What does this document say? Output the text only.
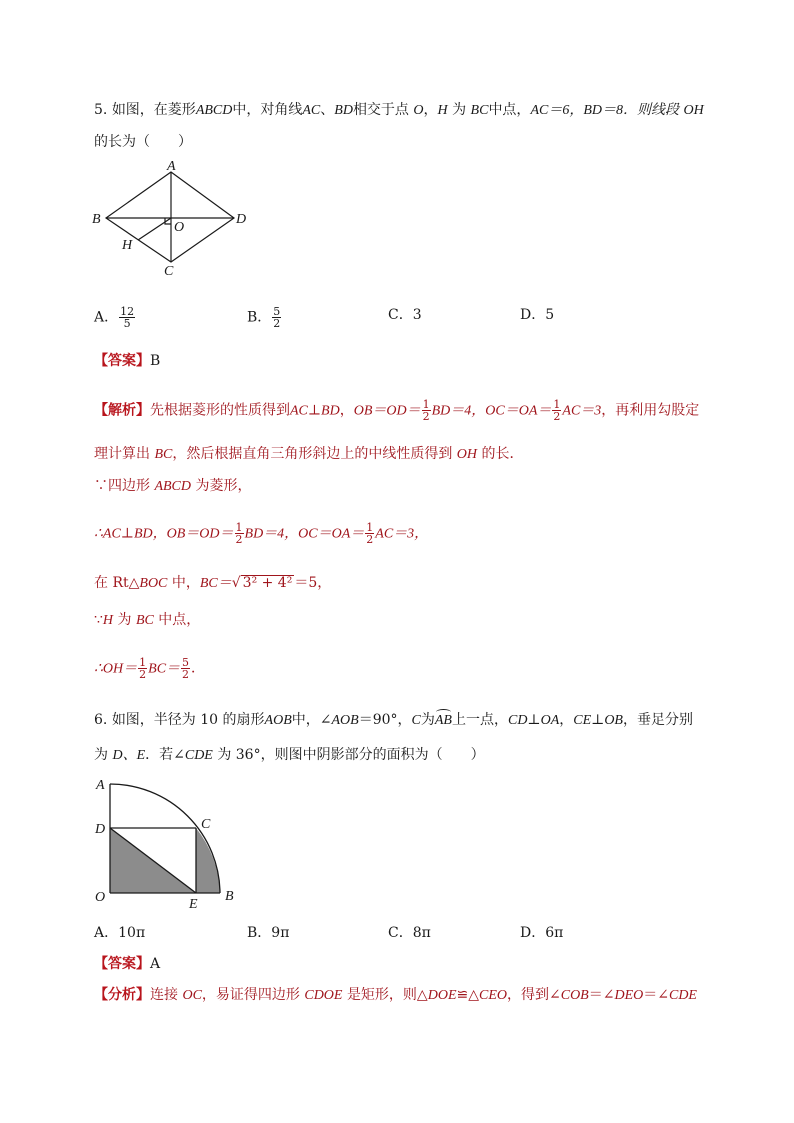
5. 如图，在菱形ABCD中，对角线AC、BD相交于点 O，H 为 BC中点，AC＝6，BD＝8．则线段 OH
的长为（　　）
A
B
C
D
O
H
A． $\frac{12}{5}$	B． $\frac{5}{2}$	C．3	D．5
【答案】B
【解析】先根据菱形的性质得到AC⊥BD，$OB=OD= \frac{1}{2} BD=4$，$OC=OA= \frac{1}{2} AC=3$，再利用勾股定
理计算出 BC，然后根据直角三角形斜边上的中线性质得到 OH 的长．
∵四边形 ABCD 为菱形，
∴AC⊥BD，$OB=OD= \frac{1}{2} BD=4$，$OC=OA= \frac{1}{2} AC=3$，
在 Rt△BOC 中，BC＝√ 3² + 4² ＝5，
∵H 为 BC 中点，
∴OH＝ $\frac{1}{2} BC= \frac{5}{2}$ ．
6. 如图，半径为 10 的扇形AOB中，∠AOB＝90°，C为AB上一点，CD⊥OA，CE⊥OB，垂足分别
为 D、E．若∠CDE 为 36°，则图中阴影部分的面积为（　　）
A
D	C
O	E
B
A．10π	B．9π	C．8π	D．6π
【答案】A
【分析】连接 OC，易证得四边形 CDOE 是矩形，则△DOE≌△CEO，得到∠COB＝∠DEO＝∠CDE
